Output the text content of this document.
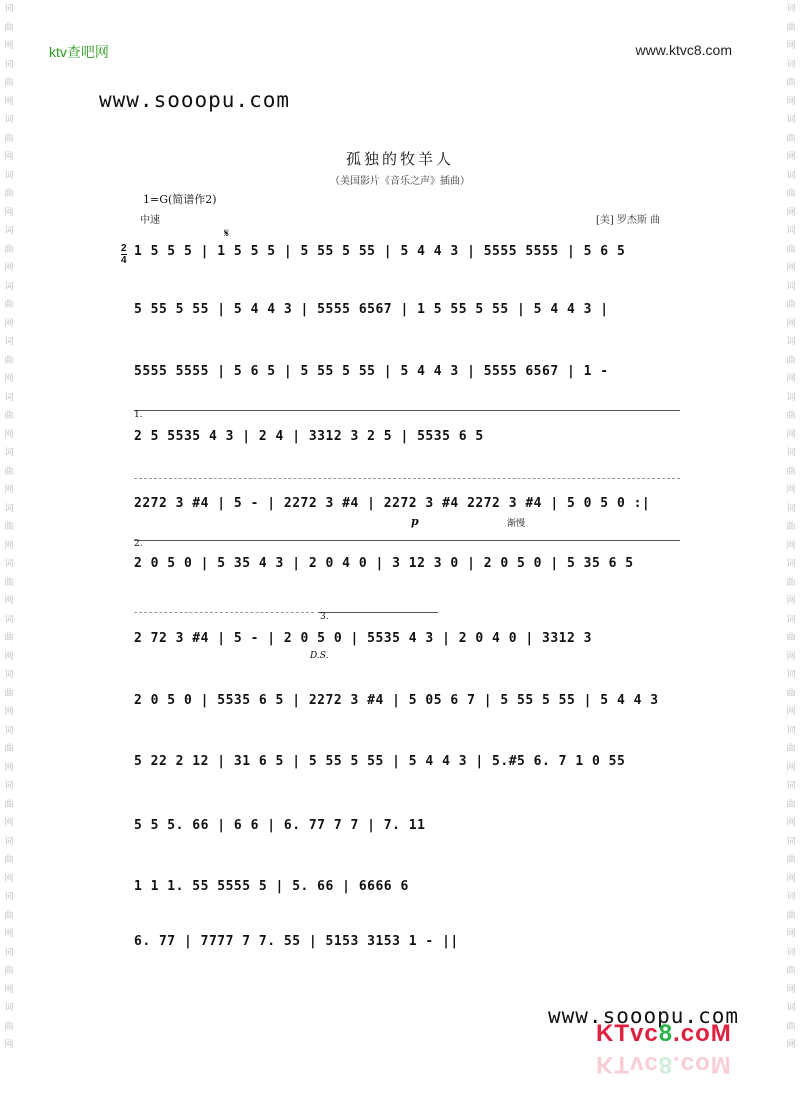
词曲网词曲网词曲网词曲网词曲网词曲网词曲网词曲网词曲网词曲网词曲网词曲网词曲网词曲网词曲网词曲网词曲网词曲网词曲网
词曲网词曲网词曲网词曲网词曲网词曲网词曲网词曲网词曲网词曲网词曲网词曲网词曲网词曲网词曲网词曲网词曲网词曲网词曲网
ktv查吧网	www.ktvc8.com
www.sooopu.com
孤独的牧羊人
（美国影片《音乐之声》插曲）
1=G(简谱作2)
中速	[美] 罗杰斯 曲
𝄋
2
4
1 5 5 5 | 1 5 5 5 | 5 55 5 55 | 5 4 4 3 | 5555 5555 | 5 6 5
5 55 5 55 | 5 4 4 3 | 5555 6567 | 1 5 55 5 55 | 5 4 4 3 |
5555 5555 | 5 6 5 | 5 55 5 55 | 5 4 4 3 | 5555 6567 | 1 -
1.
2 5 5535 4 3 | 2 4 | 3312 3 2 5 | 5535 6 5
2272 3 #4 | 5 - | 2272 3 #4 | 2272 3 #4 2272 3 #4 | 5 0 5 0 :|
p	渐慢
2.
2 0 5 0 | 5 35 4 3 | 2 0 4 0 | 3 12 3 0 | 2 0 5 0 | 5 35 6 5
3.
2 72 3 #4 | 5 - | 2 0 5 0 | 5535 4 3 | 2 0 4 0 | 3312 3
D.S.
2 0 5 0 | 5535 6 5 | 2272 3 #4 | 5 05 6 7 | 5 55 5 55 | 5 4 4 3
5 22 2 12 | 31 6 5 | 5 55 5 55 | 5 4 4 3 | 5.#5 6. 7 1 0 55
5 5 5. 66 | 6 6 | 6. 77 7 7 | 7. 11
1 1 1. 55 5555 5 | 5. 66 | 6666 6
6. 77 | 7777 7 7. 55 | 5153 3153 1 - ||
www.sooopu.com
KTvc8.coM
KTvc8.coM
